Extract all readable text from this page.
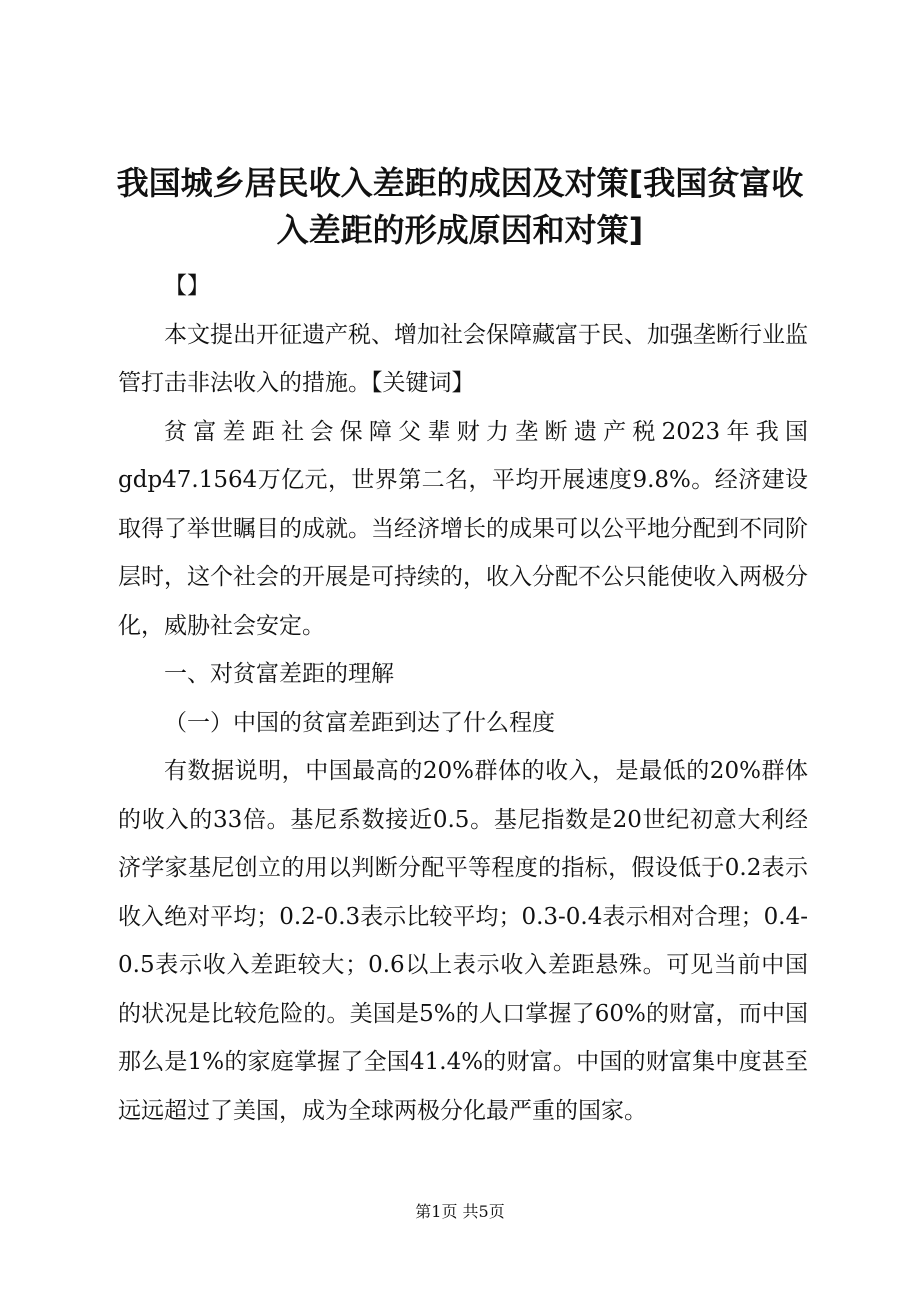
我国城乡居民收入差距的成因及对策[我国贫富收入差距的形成原因和对策]

【】

本文提出开征遗产税、增加社会保障藏富于民、加强垄断行业监管打击非法收入的措施。【关键词】

贫富差距社会保障父辈财力垄断遗产税2023年我国gdp47.1564万亿元，世界第二名，平均开展速度9.8%。经济建设取得了举世瞩目的成就。当经济增长的成果可以公平地分配到不同阶层时，这个社会的开展是可持续的，收入分配不公只能使收入两极分化，威胁社会安定。

一、对贫富差距的理解

（一）中国的贫富差距到达了什么程度

有数据说明，中国最高的20%群体的收入，是最低的20%群体的收入的33倍。基尼系数接近0.5。基尼指数是20世纪初意大利经济学家基尼创立的用以判断分配平等程度的指标，假设低于0.2表示收入绝对平均；0.2-0.3表示比较平均；0.3-0.4表示相对合理；0.4-0.5表示收入差距较大；0.6以上表示收入差距悬殊。可见当前中国的状况是比较危险的。美国是5%的人口掌握了60%的财富，而中国那么是1%的家庭掌握了全国41.4%的财富。中国的财富集中度甚至远远超过了美国，成为全球两极分化最严重的国家。

第1页 共5页
